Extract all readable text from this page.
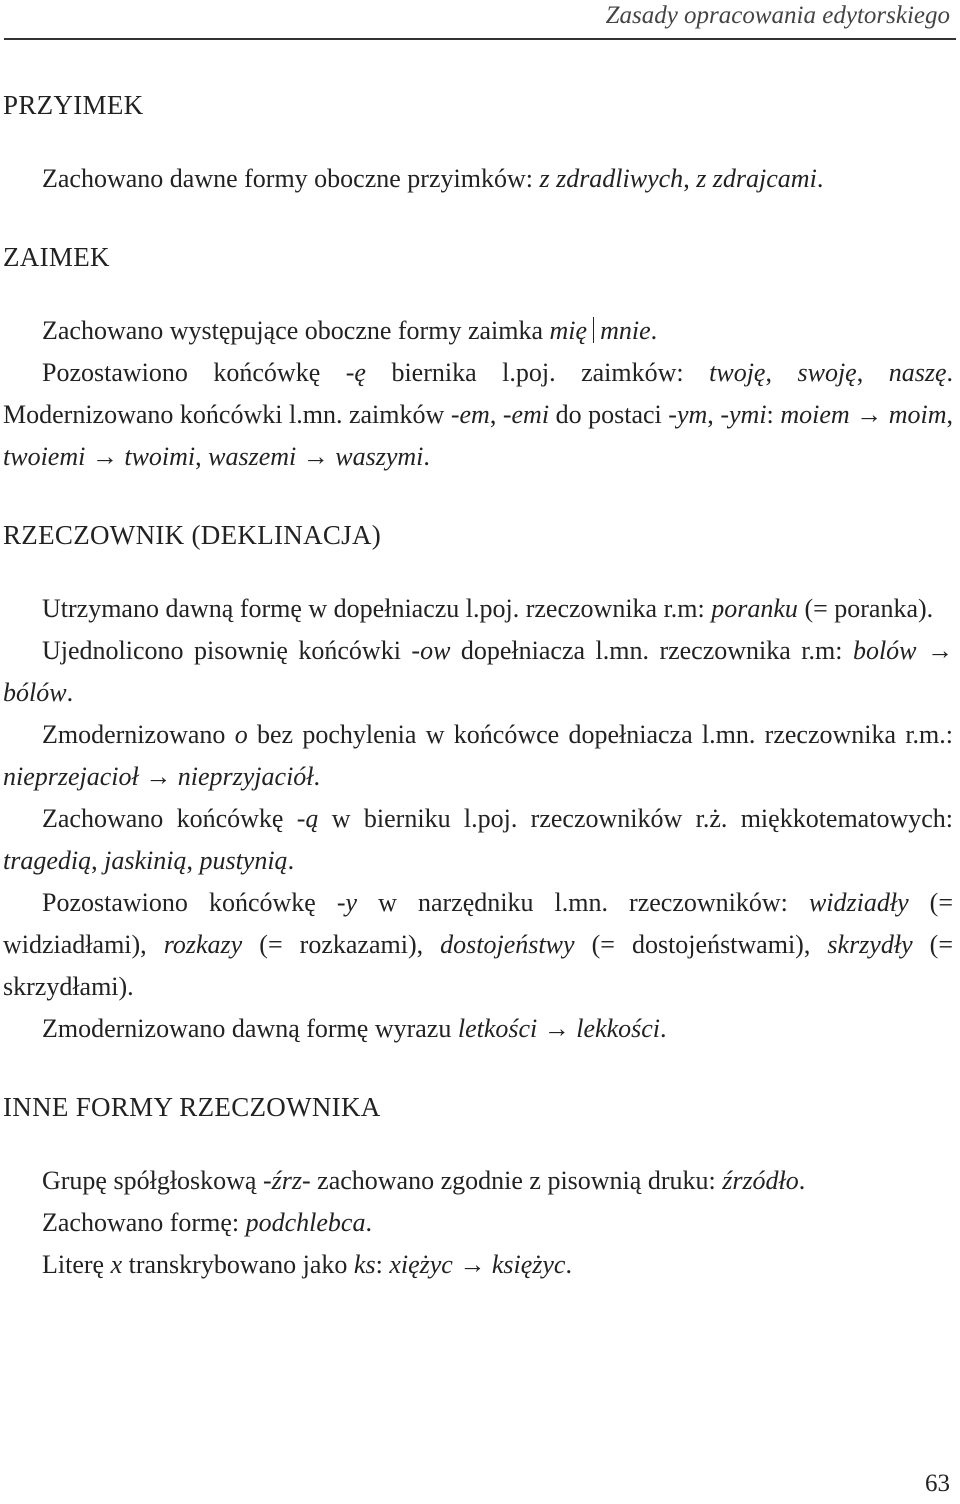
Zasady opracowania edytorskiego
PRZYIMEK

Zachowano dawne formy oboczne przyimków: z zdradliwych, z zdrajcami.

ZAIMEK

Zachowano występujące oboczne formy zaimka mię mnie.

Pozostawiono końcówkę -ę biernika l.poj. zaimków: twoję, swoję, naszę. Modernizowano końcówki l.mn. zaimków -em, -emi do postaci -ym, -ymi: moiem → moim, twoiemi → twoimi, waszemi → waszymi.

RZECZOWNIK (DEKLINACJA)

Utrzymano dawną formę w dopełniaczu l.poj. rzeczownika r.m: poranku (= poranka).

Ujednolicono pisownię końcówki -ow dopełniacza l.mn. rzeczownika r.m: bolów → bólów.

Zmodernizowano o bez pochylenia w końcówce dopełniacza l.mn. rzeczownika r.m.: nieprzejacioł → nieprzyjaciół.

Zachowano końcówkę -ą w bierniku l.poj. rzeczowników r.ż. miękkotematowych: tragedią, jaskinią, pustynią.

Pozostawiono końcówkę -y w narzędniku l.mn. rzeczowników: widziadły (= widziadłami), rozkazy (= rozkazami), dostojeństwy (= dostojeństwami), skrzydły (= skrzydłami).

Zmodernizowano dawną formę wyrazu letkości → lekkości.

INNE FORMY RZECZOWNIKA

Grupę spółgłoskową -źrz- zachowano zgodnie z pisownią druku: źrzódło.

Zachowano formę: podchlebca.

Literę x transkrybowano jako ks: xiężyc → księżyc.

63
